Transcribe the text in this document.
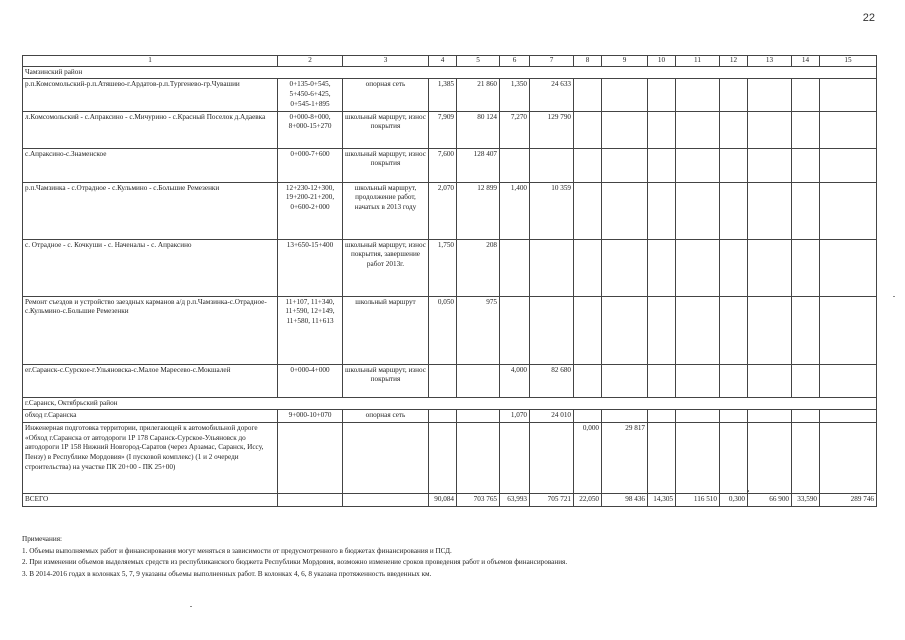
22
1	2	3	4	5	6	7	8	9	10	11	12	13	14	15
Чамзинский район														
р.п.Комсомольский-р.п.Атяшево-г.Ардатов-р.п.Тургенево-гр.Чувашии	0+135-0+545, 5+450-6+425, 0+545-1+895	опорная сеть	1,385	21 860	1,350	24 633								
л.Комсомольский - с.Апраксино - с.Мичурино - с.Красный Поселок д.Адаевка	0+000-8+000, 8+000-15+270	школьный маршрут, износ покрытия	7,909	80 124	7,270	129 790								
с.Апраксино-с.Знаменское	0+000-7+600	школьный маршрут, износ покрытия	7,600	128 407										
р.п.Чамзинка - с.Отрадное - с.Кульмино - с.Большие Ремезенки	12+230-12+300, 19+200-21+200, 0+600-2+000	школьный маршрут, продолжение работ, начатых в 2013 году	2,070	12 899	1,400	10 359								
с. Отрадное - с. Кочкуши - с. Наченалы - с. Апраксино	13+650-15+400	школьный маршрут, износ покрытия, завершение работ 2013г.	1,750	208										
Ремонт съездов и устройство заездных карманов а/д р.п.Чамзинка-с.Отрадное-с.Кульмино-с.Большие Ремезенки	11+107, 11+340, 11+590, 12+149, 11+580, 11+613	школьный маршрут	0,050	975										
ег.Саранск-с.Сурское-г.Ульяновска-с.Малое Маресево-с.Мокшалей	0+000-4+000	школьный маршрут, износ покрытия			4,000	82 680								
г.Саранск, Октябрьский район														
обход г.Саранска	9+000-10+070	опорная сеть			1,070	24 010								
Инженерная подготовка территории, прилегающей к автомобильной дороге «Обход г.Саранска от автодороги 1Р 178 Саранск-Сурское-Ульяновск до автодороги 1Р 158 Нижний Новгород-Саратов (через Арзамас, Саранск, Исcу, Пензу) в Республике Мордовия» (I пусковой комплекс) (1 и 2 очереди строительства) на участке ПК 20+00 - ПК 25+00)							0,000	29 817						
ВСЕГО			90,084	703 765	63,993	705 721	22,050	98 436	14,305	116 510	0,300	66 900	33,590	289 746
Примечания:
1. Объемы выполняемых работ и финансирования могут меняться в зависимости от предусмотренного в бюджетах финансирования и ПСД.
2. При изменении объемов выделяемых средств из республиканского бюджета Республики Мордовия, возможно изменение сроков проведения работ и объемов финансирования.
3. В 2014-2016 годах в колонках 5, 7, 9 указаны объемы выполненных работ. В колонках 4, 6, 8 указана протяженность введенных км.
